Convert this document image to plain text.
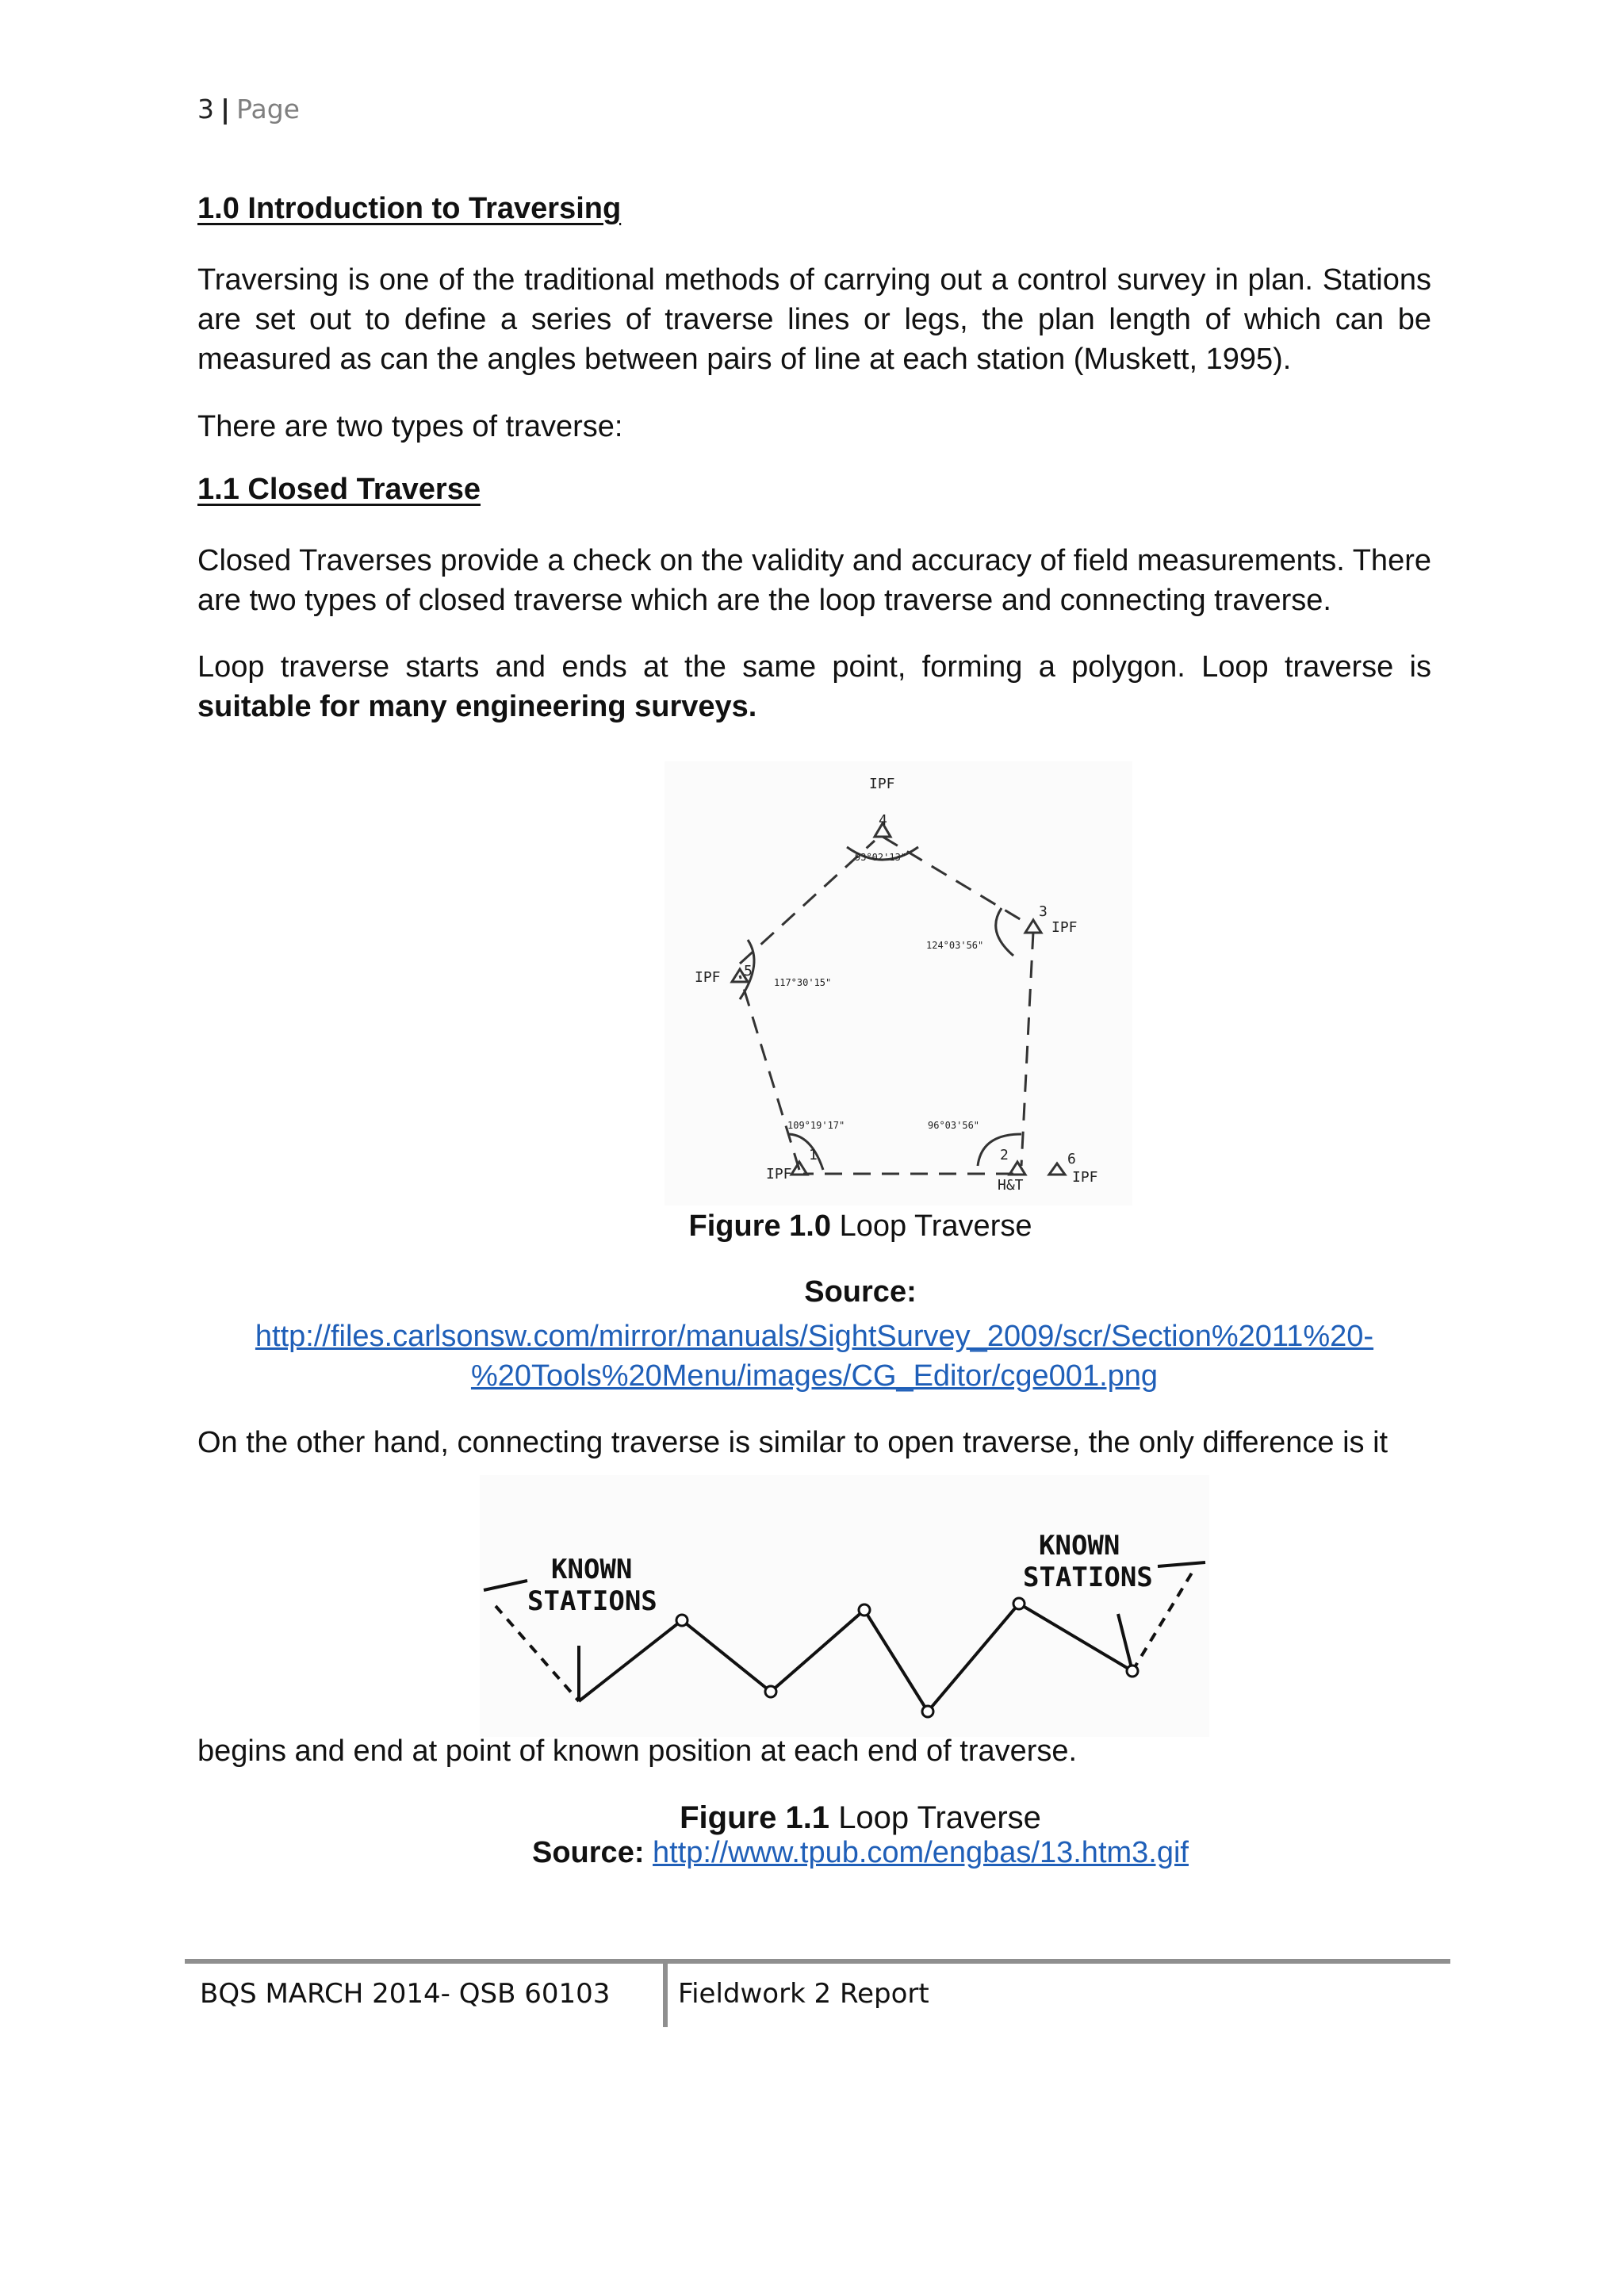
3 | Page
1.0 Introduction to Traversing
Traversing is one of the traditional methods of carrying out a control survey in plan. Stations are set out to define a series of traverse lines or legs, the plan length of which can be measured as can the angles between pairs of line at each station (Muskett, 1995).
There are two types of traverse:
1.1 Closed Traverse
Closed Traverses provide a check on the validity and accuracy of field measurements. There are two types of closed traverse which are the loop traverse and connecting traverse.
Loop traverse starts and ends at the same point, forming a polygon. Loop traverse is suitable for many engineering surveys.
IPF
4
93°02'13"
3
IPF
124°03'56"
IPF 5
117°30'15"
109°19'17"	96°03'56"
1
IPF
2
H&T
6
IPF
Figure 1.0 Loop Traverse
Source:
http://files.carlsonsw.com/mirror/manuals/SightSurvey_2009/scr/Section%2011%20-
%20Tools%20Menu/images/CG_Editor/cge001.png
On the other hand, connecting traverse is similar to open traverse, the only difference is it
KNOWN
STATIONS
KNOWN
STATIONS
begins and end at point of known position at each end of traverse.
Figure 1.1 Loop Traverse
Source: http://www.tpub.com/engbas/13.htm3.gif
BQS MARCH 2014- QSB 60103	Fieldwork 2 Report
